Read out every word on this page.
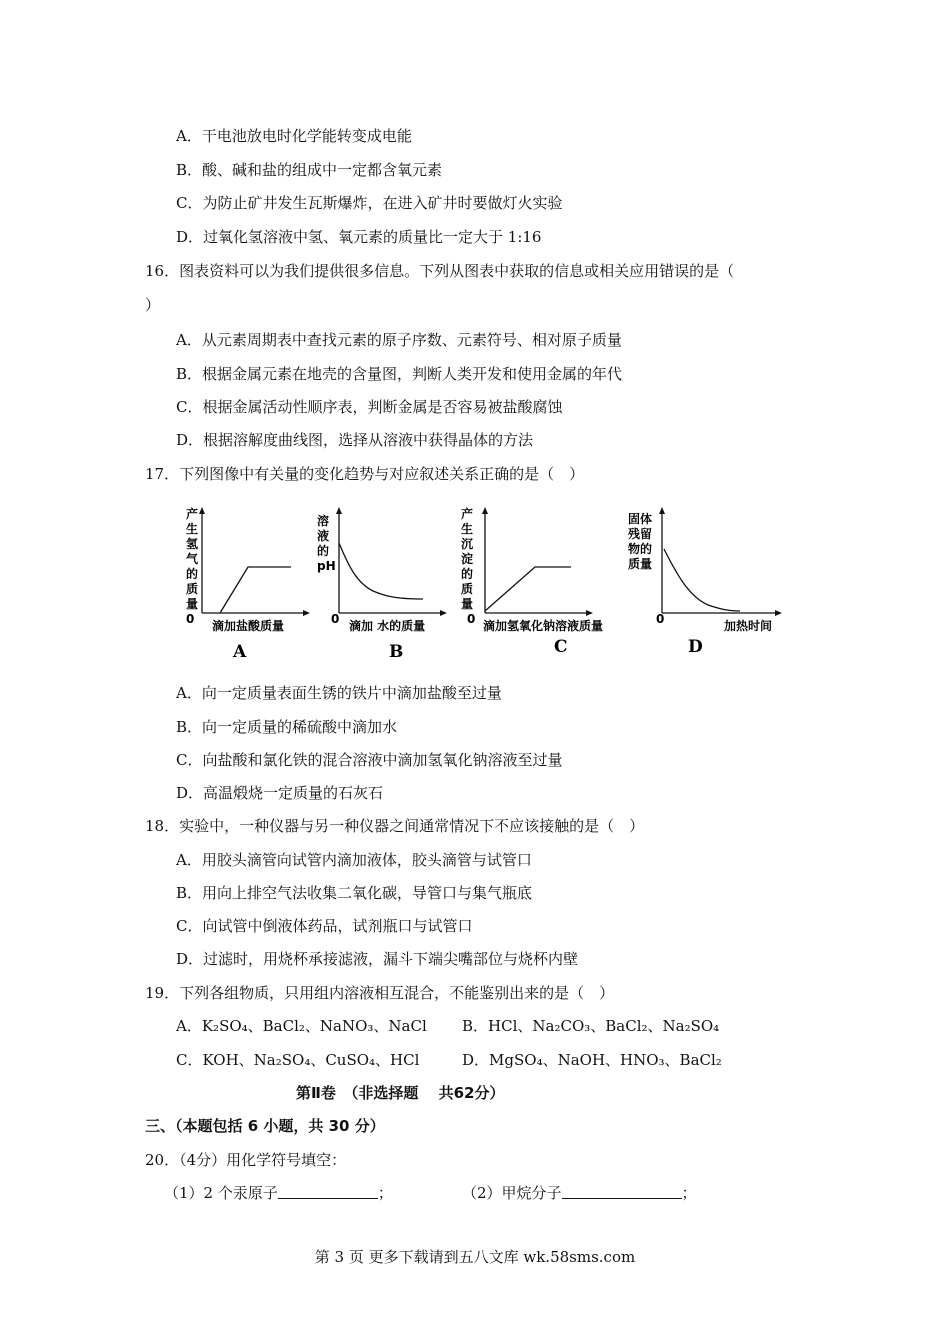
A．干电池放电时化学能转变成电能
B．酸、碱和盐的组成中一定都含氧元素
C．为防止矿井发生瓦斯爆炸，在进入矿井时要做灯火实验
D．过氧化氢溶液中氢、氧元素的质量比一定大于 1:16
16．图表资料可以为我们提供很多信息。下列从图表中获取的信息或相关应用错误的是（
）
A．从元素周期表中查找元素的原子序数、元素符号、相对原子质量
B．根据金属元素在地壳的含量图，判断人类开发和使用金属的年代
C．根据金属活动性顺序表，判断金属是否容易被盐酸腐蚀
D．根据溶解度曲线图，选择从溶液中获得晶体的方法
17．下列图像中有关量的变化趋势与对应叙述关系正确的是（　）
产
生
氢
气
的
质
量
0 滴加盐酸质量
A
溶
液
的
pH
0 滴加 水的质量
B
产
生
沉
淀
的
质
量
0 滴加氢氧化钠溶液质量
C
固体
残留
物的
质量
0	加热时间
D
A．向一定质量表面生锈的铁片中滴加盐酸至过量
B．向一定质量的稀硫酸中滴加水
C．向盐酸和氯化铁的混合溶液中滴加氢氧化钠溶液至过量
D．高温煅烧一定质量的石灰石
18．实验中，一种仪器与另一种仪器之间通常情况下不应该接触的是（　）
A．用胶头滴管向试管内滴加液体，胶头滴管与试管口
B．用向上排空气法收集二氧化碳，导管口与集气瓶底
C．向试管中倒液体药品，试剂瓶口与试管口
D．过滤时，用烧杯承接滤液，漏斗下端尖嘴部位与烧杯内壁
19．下列各组物质，只用组内溶液相互混合，不能鉴别出来的是（　）
A．K₂SO₄、BaCl₂、NaNO₃、NaCl B．HCl、Na₂CO₃、BaCl₂、Na₂SO₄
C．KOH、Na₂SO₄、CuSO₄、HCl	D．MgSO₄、NaOH、HNO₃、BaCl₂
第Ⅱ卷　（非选择题　 共62分）
三、（本题包括 6 小题，共 30 分）
20．（4分）用化学符号填空：
（1）2 个汞原子	；	（2）甲烷分子	；
第 3 页 更多下载请到五八文库 wk.58sms.com
